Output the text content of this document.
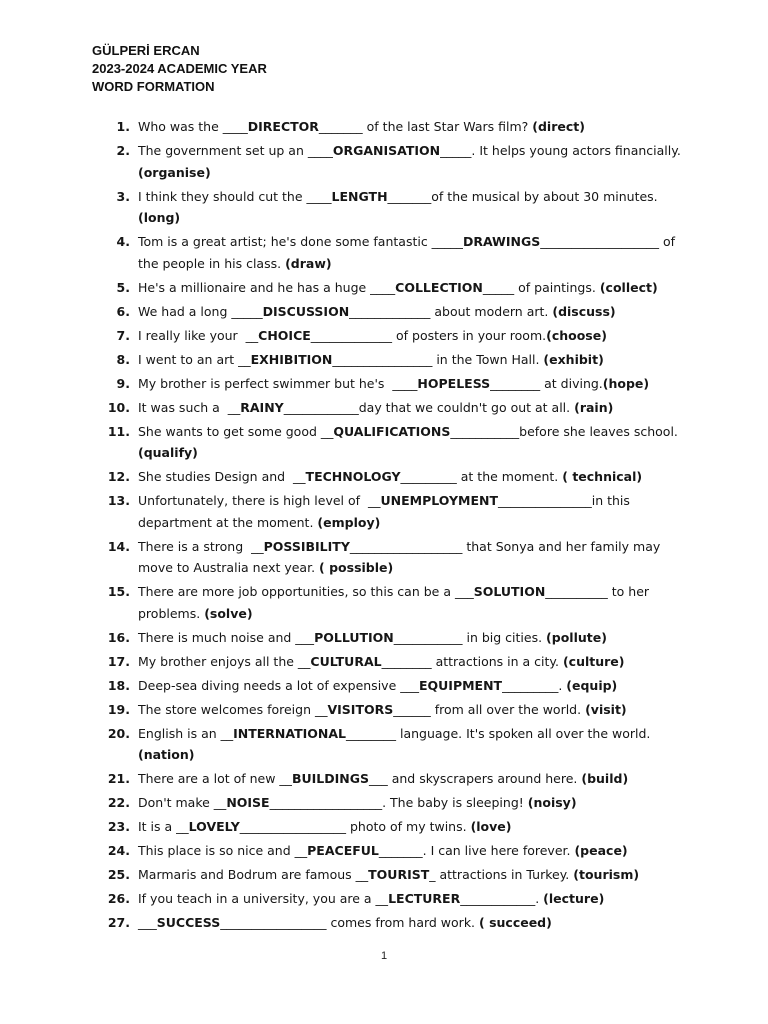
GÜLPERİ ERCAN
2023-2024 ACADEMIC YEAR
WORD FORMATION
1. Who was the ____DIRECTOR_______ of the last Star Wars film? (direct)
2. The government set up an ____ORGANISATION_____. It helps young actors financially. (organise)
3. I think they should cut the ____LENGTH_______of the musical by about 30 minutes. (long)
4. Tom is a great artist; he's done some fantastic _____DRAWINGS___________________ of the people in his class. (draw)
5. He's a millionaire and he has a huge ____COLLECTION_____ of paintings. (collect)
6. We had a long _____DISCUSSION_____________ about modern art. (discuss)
7. I really like your  __CHOICE_____________ of posters in your room.(choose)
8. I went to an art __EXHIBITION________________ in the Town Hall. (exhibit)
9. My brother is perfect swimmer but he's  ____HOPELESS________ at diving.(hope)
10. It was such a  __RAINY____________day that we couldn't go out at all. (rain)
11. She wants to get some good __QUALIFICATIONS___________before she leaves school. (qualify)
12. She studies Design and  __TECHNOLOGY_________ at the moment. ( technical)
13. Unfortunately, there is high level of  __UNEMPLOYMENT_______________in this department at the moment. (employ)
14. There is a strong  __POSSIBILITY__________________ that Sonya and her family may move to Australia next year. ( possible)
15. There are more job opportunities, so this can be a ___SOLUTION__________ to her problems. (solve)
16. There is much noise and ___POLLUTION___________ in big cities. (pollute)
17. My brother enjoys all the __CULTURAL________ attractions in a city. (culture)
18. Deep-sea diving needs a lot of expensive ___EQUIPMENT_________. (equip)
19. The store welcomes foreign __VISITORS______ from all over the world. (visit)
20. English is an __INTERNATIONAL________ language. It's spoken all over the world. (nation)
21. There are a lot of new __BUILDINGS___ and skyscrapers around here. (build)
22. Don't make __NOISE__________________. The baby is sleeping! (noisy)
23. It is a __LOVELY_________________ photo of my twins. (love)
24. This place is so nice and __PEACEFUL_______. I can live here forever. (peace)
25. Marmaris and Bodrum are famous __TOURIST_ attractions in Turkey. (tourism)
26. If you teach in a university, you are a __LECTURER____________. (lecture)
27. ___SUCCESS_________________ comes from hard work. ( succeed)
1
